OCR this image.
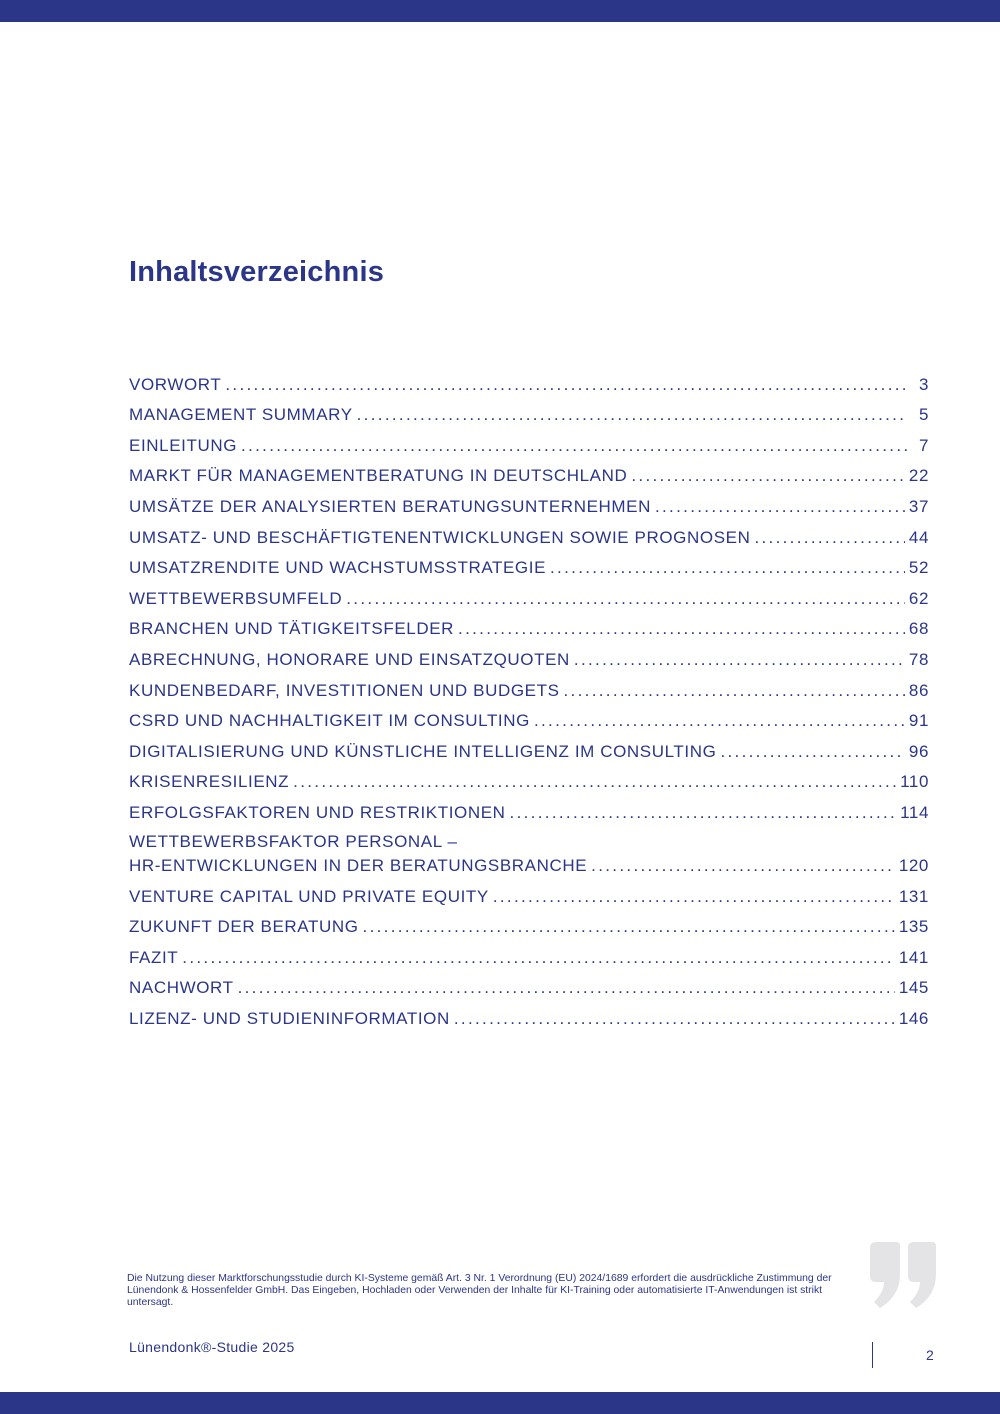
Inhaltsverzeichnis
VORWORT . . .	3
MANAGEMENT SUMMARY . . .	5
EINLEITUNG . . .	7
MARKT FÜR MANAGEMENTBERATUNG IN DEUTSCHLAND . . .	22
UMSÄTZE DER ANALYSIERTEN BERATUNGSUNTERNEHMEN . . .	37
UMSATZ- UND BESCHÄFTIGTENENTWICKLUNGEN SOWIE PROGNOSEN . . .	44
UMSATZRENDITE UND WACHSTUMSSTRATEGIE . . .	52
WETTBEWERBSUMFELD . . .	62
BRANCHEN UND TÄTIGKEITSFELDER . . .	68
ABRECHNUNG, HONORARE UND EINSATZQUOTEN . . .	78
KUNDENBEDARF, INVESTITIONEN UND BUDGETS . . .	86
CSRD UND NACHHALTIGKEIT IM CONSULTING . . .	91
DIGITALISIERUNG UND KÜNSTLICHE INTELLIGENZ IM CONSULTING . . .	96
KRISENRESILIENZ . . .	110
ERFOLGSFAKTOREN UND RESTRIKTIONEN . . .	114
WETTBEWERBSFAKTOR PERSONAL –
HR-ENTWICKLUNGEN IN DER BERATUNGSBRANCHE . . .	120
VENTURE CAPITAL UND PRIVATE EQUITY . . .	131
ZUKUNFT DER BERATUNG . . .	135
FAZIT . . .	141
NACHWORT . . .	145
LIZENZ- UND STUDIENINFORMATION . . .	146

Die Nutzung dieser Marktforschungsstudie durch KI-Systeme gemäß Art. 3 Nr. 1 Verordnung (EU) 2024/1689 erfordert die ausdrückliche Zustimmung der Lünendonk & Hossenfelder GmbH. Das Eingeben, Hochladen oder Verwenden der Inhalte für KI-Training oder automatisierte IT-Anwendungen ist strikt untersagt.

Lünendonk®-Studie 2025	2
